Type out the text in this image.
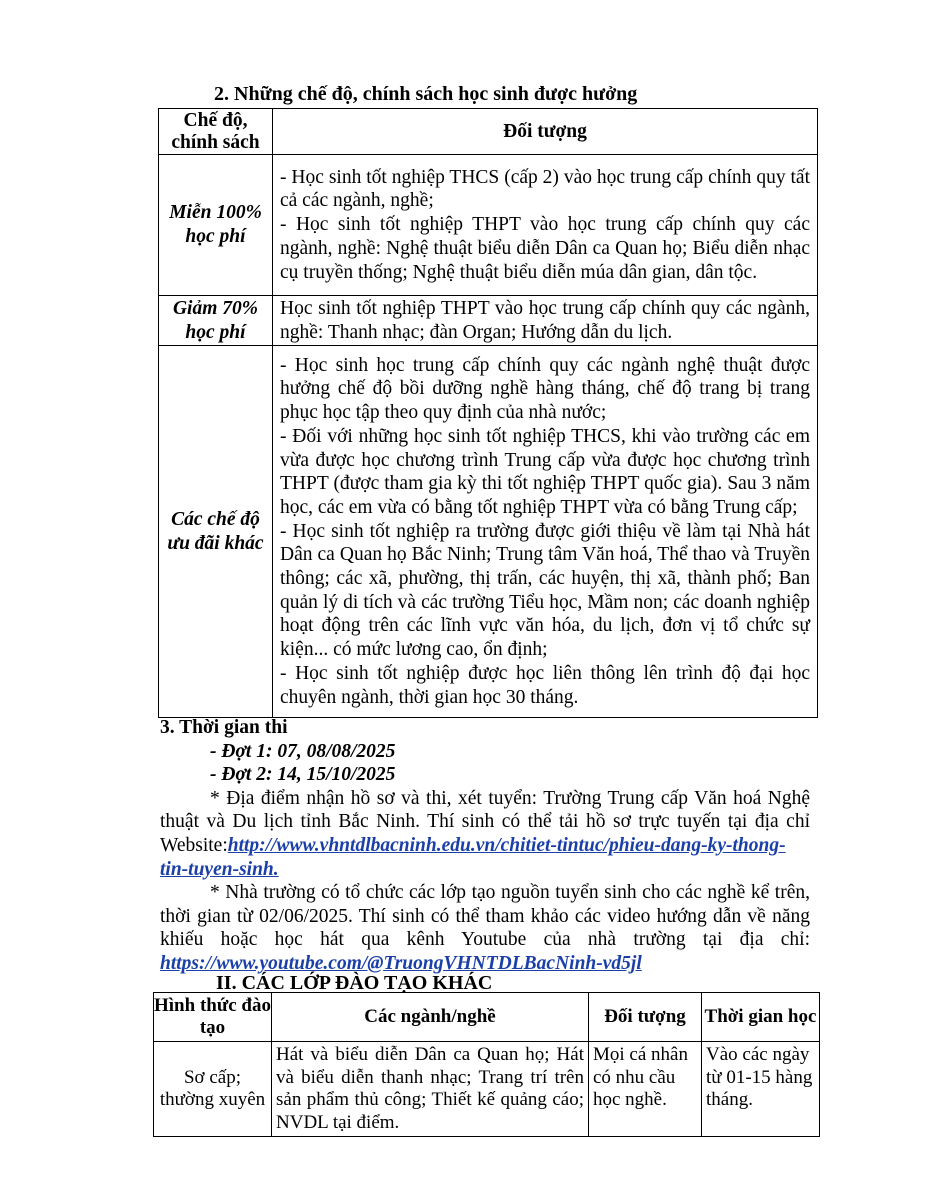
2. Những chế độ, chính sách học sinh được hưởng
Chế độ, chính sách	Đối tượng
Miễn 100% học phí	- Học sinh tốt nghiệp THCS (cấp 2) vào học trung cấp chính quy tất cả các ngành, nghề;

- Học sinh tốt nghiệp THPT vào học trung cấp chính quy các ngành, nghề: Nghệ thuật biểu diễn Dân ca Quan họ; Biểu diễn nhạc cụ truyền thống; Nghệ thuật biểu diễn múa dân gian, dân tộc.

Giảm 70% học phí	Học sinh tốt nghiệp THPT vào học trung cấp chính quy các ngành, nghề: Thanh nhạc; đàn Organ; Hướng dẫn du lịch.

Các chế độ ưu đãi khác	- Học sinh học trung cấp chính quy các ngành nghệ thuật được hưởng chế độ bồi dưỡng nghề hàng tháng, chế độ trang bị trang phục học tập theo quy định của nhà nước;

- Đối với những học sinh tốt nghiệp THCS, khi vào trường các em vừa được học chương trình Trung cấp vừa được học chương trình THPT (được tham gia kỳ thi tốt nghiệp THPT quốc gia). Sau 3 năm học, các em vừa có bằng tốt nghiệp THPT vừa có bằng Trung cấp;

- Học sinh tốt nghiệp ra trường được giới thiệu về làm tại Nhà hát Dân ca Quan họ Bắc Ninh; Trung tâm Văn hoá, Thể thao và Truyền thông; các xã, phường, thị trấn, các huyện, thị xã, thành phố; Ban quản lý di tích và các trường Tiểu học, Mầm non; các doanh nghiệp hoạt động trên các lĩnh vực văn hóa, du lịch, đơn vị tổ chức sự kiện... có mức lương cao, ổn định;

- Học sinh tốt nghiệp được học liên thông lên trình độ đại học chuyên ngành, thời gian học 30 tháng.

3. Thời gian thi

- Đợt 1: 07, 08/08/2025

- Đợt 2: 14, 15/10/2025

* Địa điểm nhận hồ sơ và thi, xét tuyển: Trường Trung cấp Văn hoá Nghệ thuật và Du lịch tỉnh Bắc Ninh. Thí sinh có thể tải hồ sơ trực tuyến tại địa chỉ Website:http://www.vhntdlbacninh.edu.vn/chitiet-tintuc/phieu-dang-ky-thong-tin-tuyen-sinh.

* Nhà trường có tổ chức các lớp tạo nguồn tuyển sinh cho các nghề kể trên, thời gian từ 02/06/2025. Thí sinh có thể tham khảo các video hướng dẫn về năng khiếu hoặc học hát qua kênh Youtube của nhà trường tại địa chỉ: https://www.youtube.com/@TruongVHNTDLBacNinh-vd5jl

II. CÁC LỚP ĐÀO TẠO KHÁC
Hình thức đào tạo	Các ngành/nghề	Đối tượng	Thời gian học
Sơ cấp; thường xuyên	Hát và biểu diễn Dân ca Quan họ; Hát và biểu diễn thanh nhạc; Trang trí trên sản phẩm thủ công; Thiết kế quảng cáo; NVDL tại điểm.	Mọi cá nhân có nhu cầu học nghề.	Vào các ngày từ 01-15 hàng tháng.
